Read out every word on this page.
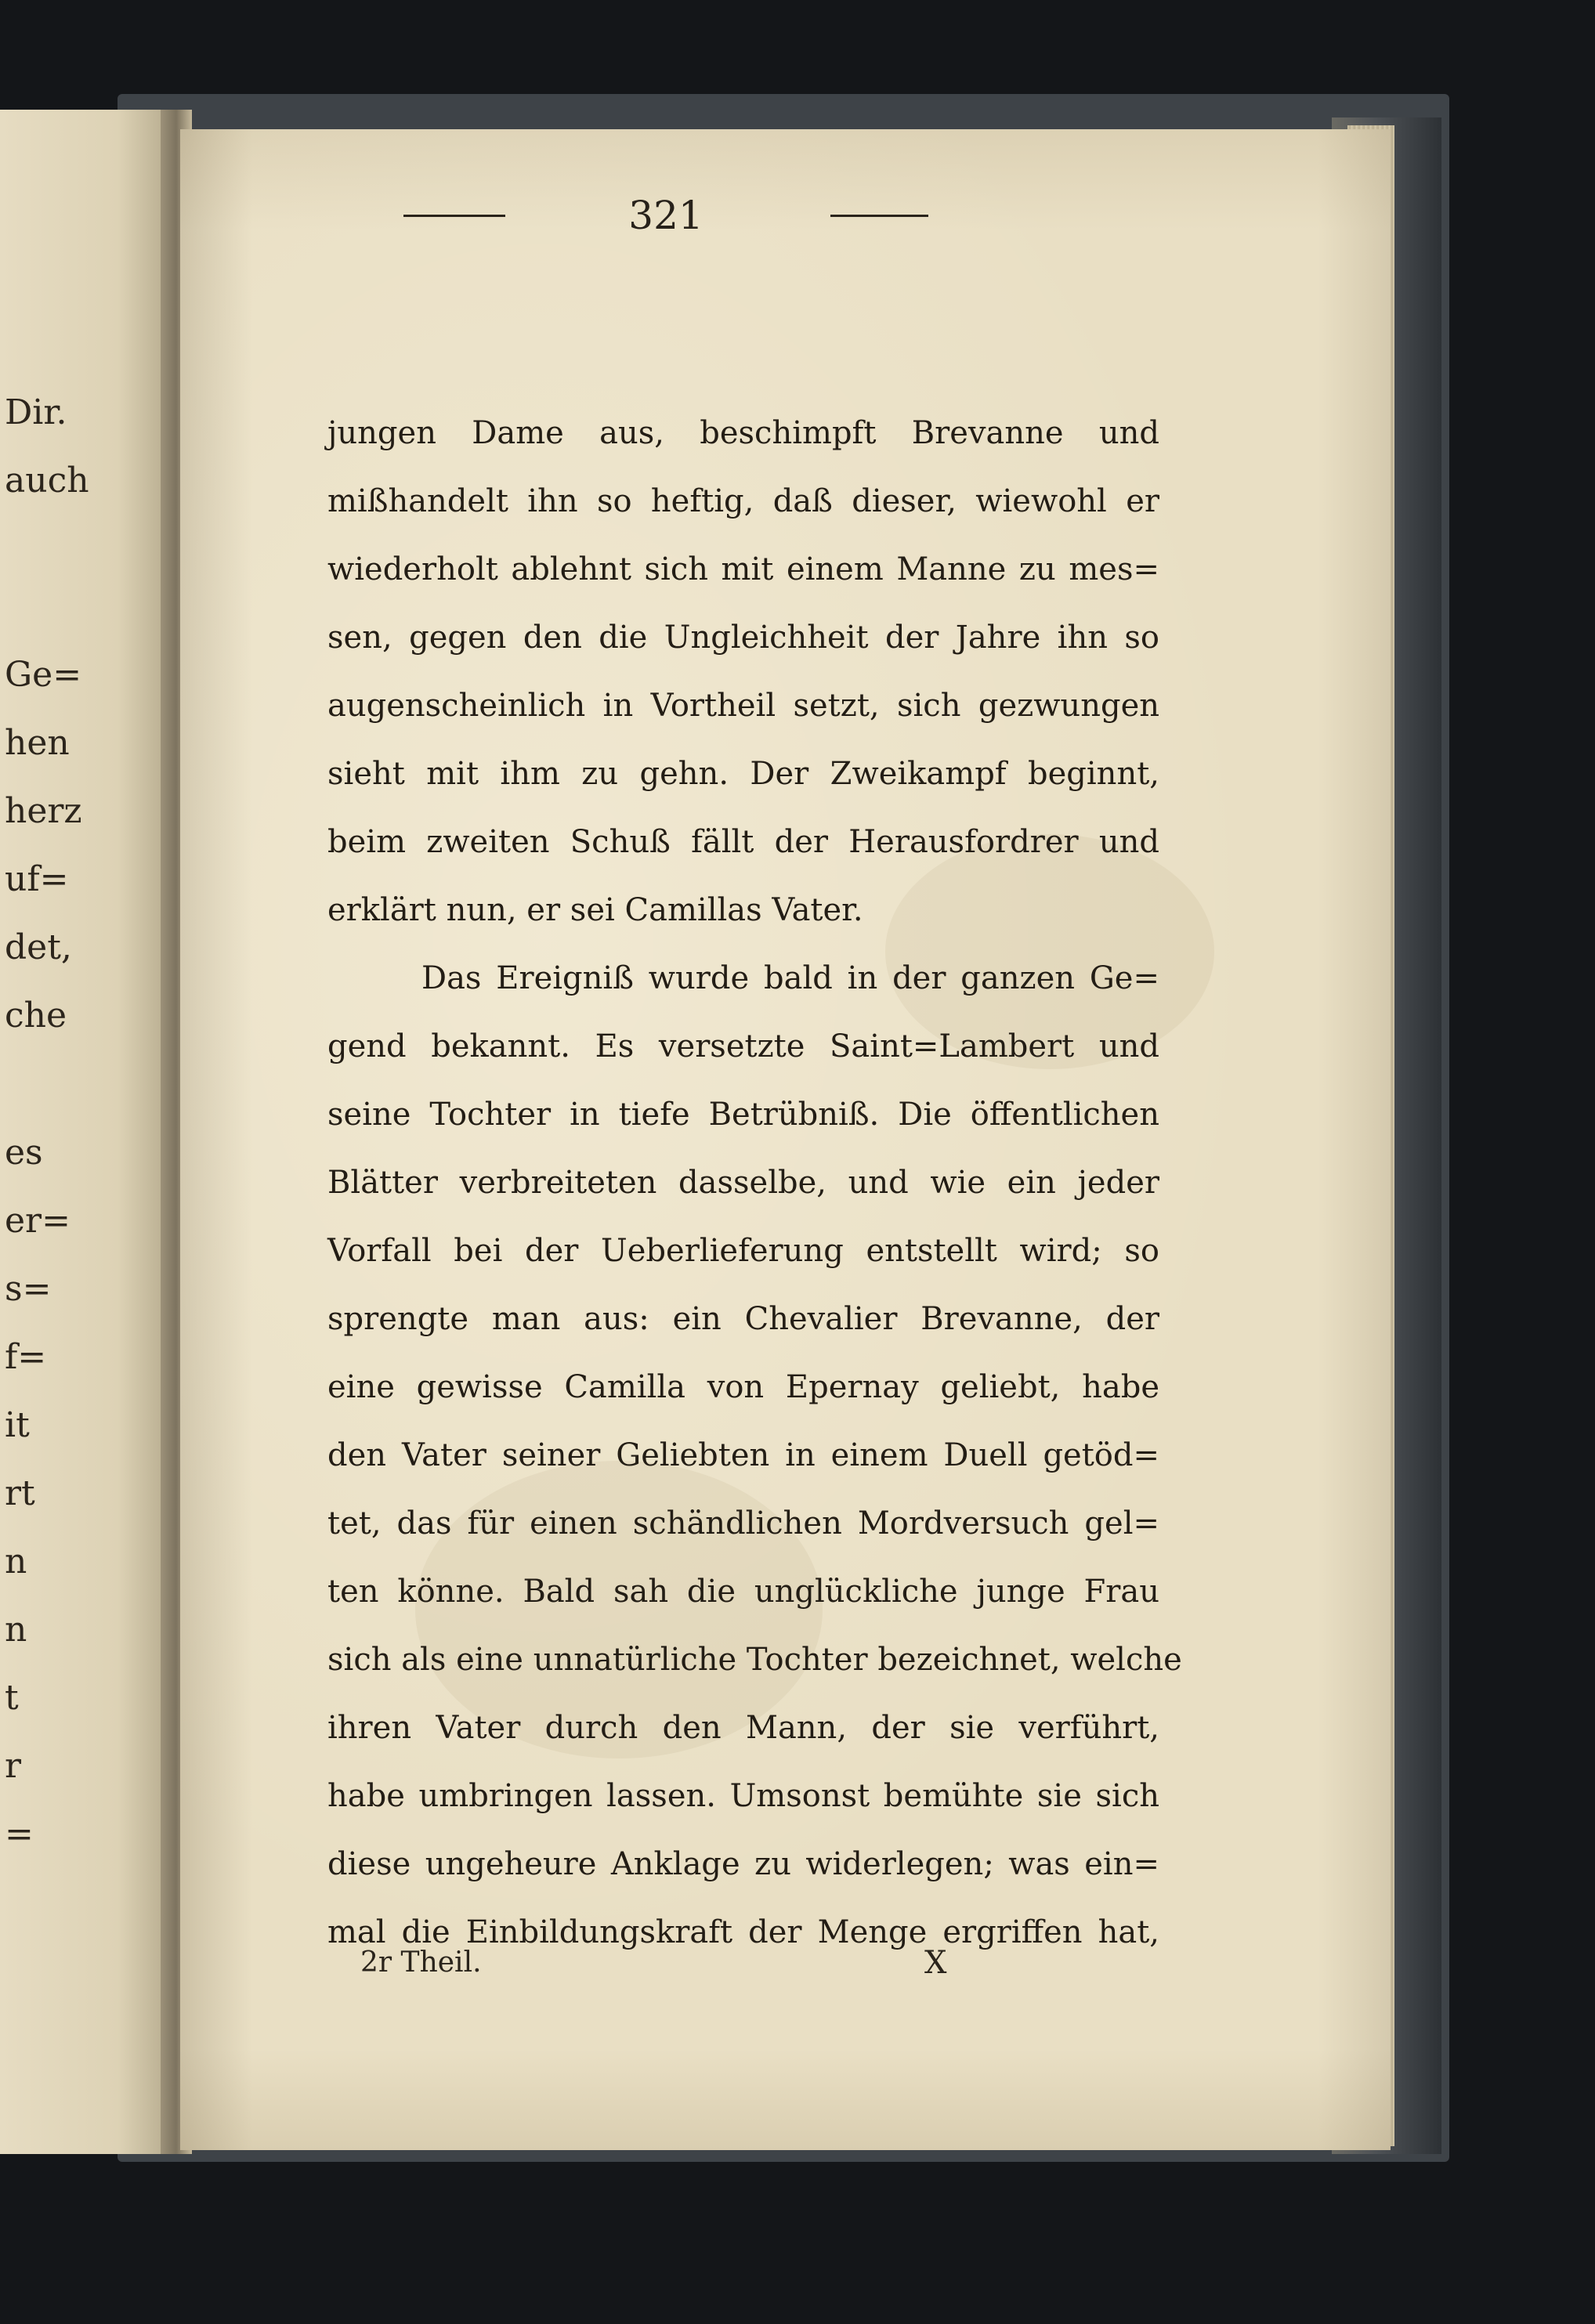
Dir.
auch
Ge=
hen
herz
uf=
det,
che
es
er=
s=
f=
it
rt
n
n
t
r
=
321
jungen Dame aus, beschimpft Brevanne und
mißhandelt ihn so heftig, daß dieser, wiewohl er
wiederholt ablehnt sich mit einem Manne zu mes=
sen, gegen den die Ungleichheit der Jahre ihn so
augenscheinlich in Vortheil setzt, sich gezwungen
sieht mit ihm zu gehn. Der Zweikampf beginnt,
beim zweiten Schuß fällt der Herausfordrer und
erklärt nun, er sei Camillas Vater.
Das Ereigniß wurde bald in der ganzen Ge=
gend bekannt. Es versetzte Saint=Lambert und
seine Tochter in tiefe Betrübniß. Die öffentlichen
Blätter verbreiteten dasselbe, und wie ein jeder
Vorfall bei der Ueberlieferung entstellt wird; so
sprengte man aus: ein Chevalier Brevanne, der
eine gewisse Camilla von Epernay geliebt, habe
den Vater seiner Geliebten in einem Duell getöd=
tet, das für einen schändlichen Mordversuch gel=
ten könne. Bald sah die unglückliche junge Frau
sich als eine unnatürliche Tochter bezeichnet, welche
ihren Vater durch den Mann, der sie verführt,
habe umbringen lassen. Umsonst bemühte sie sich
diese ungeheure Anklage zu widerlegen; was ein=
mal die Einbildungskraft der Menge ergriffen hat,
2r Theil.	X
